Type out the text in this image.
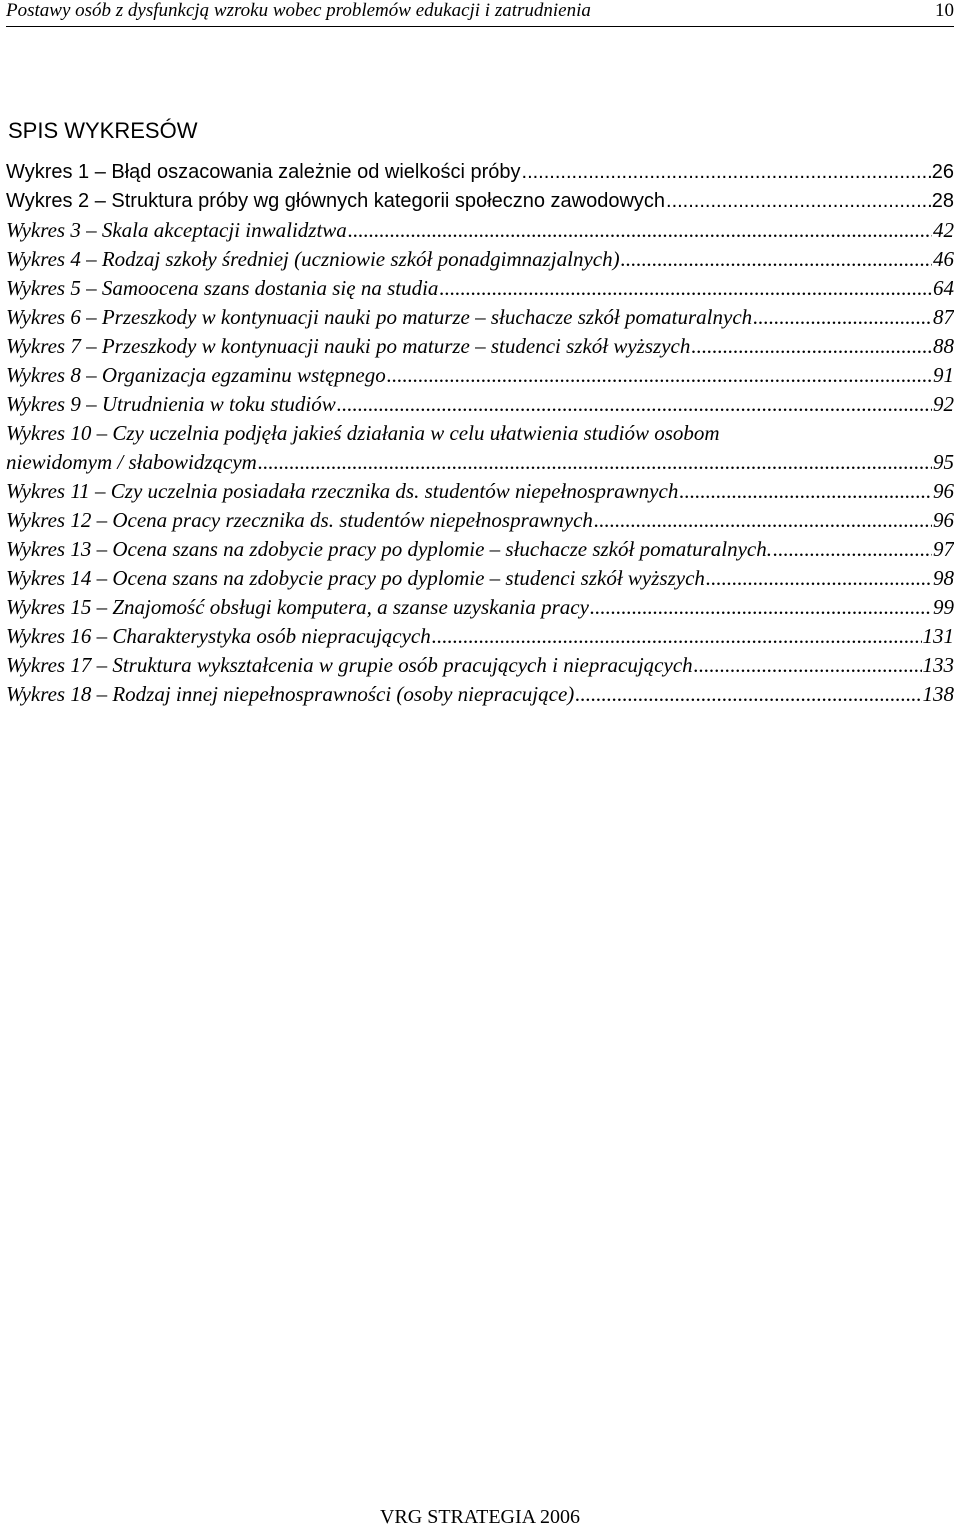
Postawy osób z dysfunkcją wzroku wobec problemów edukacji i zatrudnienia	10
SPIS WYKRESÓW
Wykres 1 – Błąd oszacowania zależnie od wielkości próby .....	26
Wykres 2 – Struktura próby wg głównych kategorii społeczno zawodowych .....	28
Wykres 3 – Skala akceptacji inwalidztwa .....	42
Wykres 4 – Rodzaj szkoły średniej (uczniowie szkół ponadgimnazjalnych) .....	46
Wykres 5 – Samoocena szans dostania się na studia .....	64
Wykres 6 – Przeszkody w kontynuacji nauki po maturze – słuchacze szkół pomaturalnych .....	87
Wykres 7 – Przeszkody w kontynuacji nauki po maturze – studenci szkół wyższych .....	88
Wykres 8 – Organizacja egzaminu wstępnego .....	91
Wykres 9 – Utrudnienia w toku studiów .....	92
Wykres 10 – Czy uczelnia podjęła jakieś działania w celu ułatwienia studiów osobom
niewidomym / słabowidzącym .....	95
Wykres 11 – Czy uczelnia posiadała rzecznika ds. studentów niepełnosprawnych .....	96
Wykres 12 – Ocena pracy rzecznika ds. studentów niepełnosprawnych .....	96
Wykres 13 – Ocena szans na zdobycie pracy po dyplomie – słuchacze szkół pomaturalnych. .....	97
Wykres 14 – Ocena szans na zdobycie pracy po dyplomie – studenci szkół wyższych .....	98
Wykres 15 – Znajomość obsługi komputera, a szanse uzyskania pracy .....	99
Wykres 16 – Charakterystyka osób niepracujących .....	131
Wykres 17 – Struktura wykształcenia w grupie osób pracujących i niepracujących .....	133
Wykres 18 – Rodzaj innej niepełnosprawności (osoby niepracujące) .....	138
VRG STRATEGIA 2006
